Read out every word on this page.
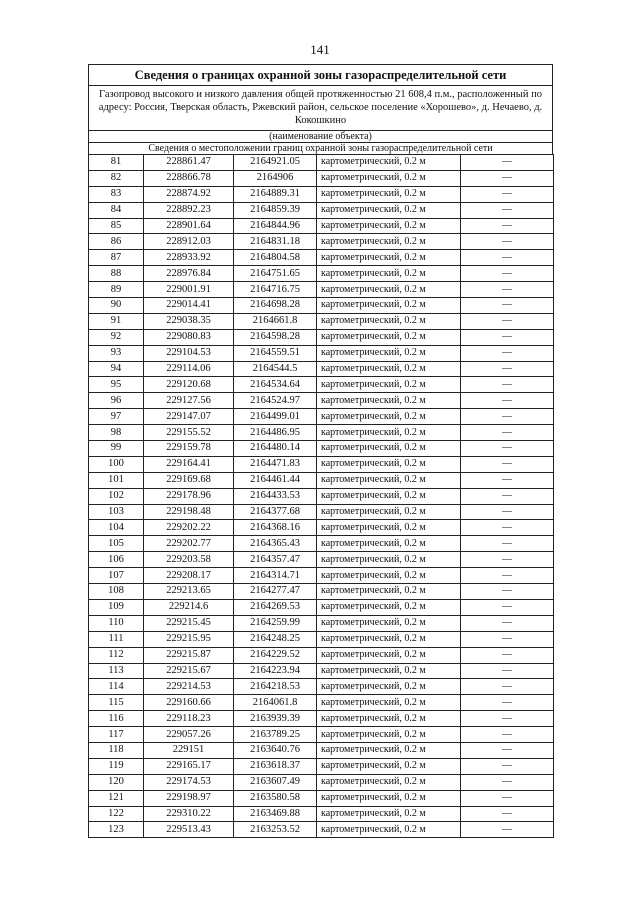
141
Сведения о границах охранной зоны газораспределительной сети
Газопровод высокого и низкого давления общей протяженностью 21 608,4 п.м., расположенный по адресу: Россия, Тверская область, Ржевский район, сельское поселение «Хорошево», д. Нечаево, д. Кокошкино
(наименование объекта)
Сведения о местоположении границ охранной зоны газораспределительной сети
81	228861.47	2164921.05	картометрический, 0.2 м	—
82	228866.78	2164906	картометрический, 0.2 м	—
83	228874.92	2164889.31	картометрический, 0.2 м	—
84	228892.23	2164859.39	картометрический, 0.2 м	—
85	228901.64	2164844.96	картометрический, 0.2 м	—
86	228912.03	2164831.18	картометрический, 0.2 м	—
87	228933.92	2164804.58	картометрический, 0.2 м	—
88	228976.84	2164751.65	картометрический, 0.2 м	—
89	229001.91	2164716.75	картометрический, 0.2 м	—
90	229014.41	2164698.28	картометрический, 0.2 м	—
91	229038.35	2164661.8	картометрический, 0.2 м	—
92	229080.83	2164598.28	картометрический, 0.2 м	—
93	229104.53	2164559.51	картометрический, 0.2 м	—
94	229114.06	2164544.5	картометрический, 0.2 м	—
95	229120.68	2164534.64	картометрический, 0.2 м	—
96	229127.56	2164524.97	картометрический, 0.2 м	—
97	229147.07	2164499.01	картометрический, 0.2 м	—
98	229155.52	2164486.95	картометрический, 0.2 м	—
99	229159.78	2164480.14	картометрический, 0.2 м	—
100	229164.41	2164471.83	картометрический, 0.2 м	—
101	229169.68	2164461.44	картометрический, 0.2 м	—
102	229178.96	2164433.53	картометрический, 0.2 м	—
103	229198.48	2164377.68	картометрический, 0.2 м	—
104	229202.22	2164368.16	картометрический, 0.2 м	—
105	229202.77	2164365.43	картометрический, 0.2 м	—
106	229203.58	2164357.47	картометрический, 0.2 м	—
107	229208.17	2164314.71	картометрический, 0.2 м	—
108	229213.65	2164277.47	картометрический, 0.2 м	—
109	229214.6	2164269.53	картометрический, 0.2 м	—
110	229215.45	2164259.99	картометрический, 0.2 м	—
111	229215.95	2164248.25	картометрический, 0.2 м	—
112	229215.87	2164229.52	картометрический, 0.2 м	—
113	229215.67	2164223.94	картометрический, 0.2 м	—
114	229214.53	2164218.53	картометрический, 0.2 м	—
115	229160.66	2164061.8	картометрический, 0.2 м	—
116	229118.23	2163939.39	картометрический, 0.2 м	—
117	229057.26	2163789.25	картометрический, 0.2 м	—
118	229151	2163640.76	картометрический, 0.2 м	—
119	229165.17	2163618.37	картометрический, 0.2 м	—
120	229174.53	2163607.49	картометрический, 0.2 м	—
121	229198.97	2163580.58	картометрический, 0.2 м	—
122	229310.22	2163469.88	картометрический, 0.2 м	—
123	229513.43	2163253.52	картометрический, 0.2 м	—
